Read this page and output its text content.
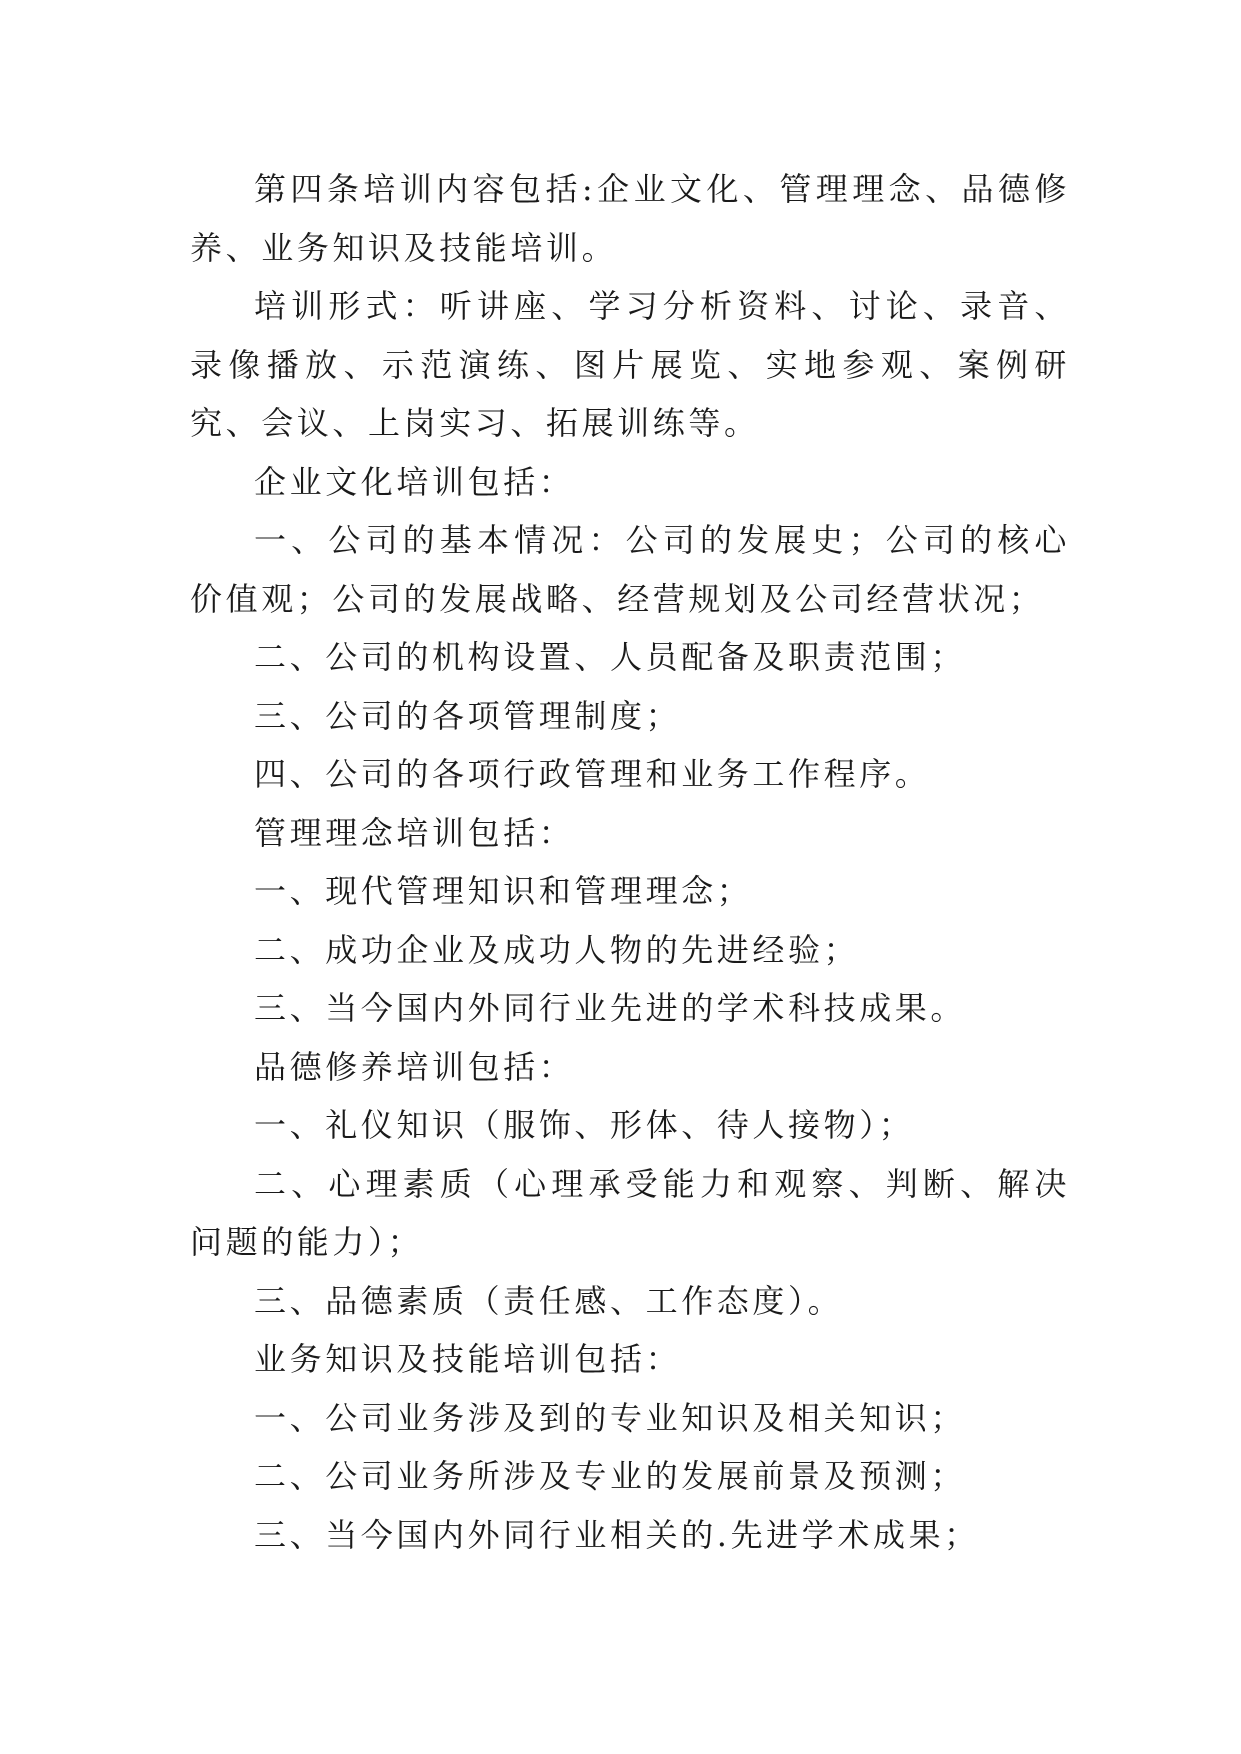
第四条培训内容包括:企业文化、管理理念、品德修养、业务知识及技能培训。

培训形式：听讲座、学习分析资料、讨论、录音、录像播放、示范演练、图片展览、实地参观、案例研究、会议、上岗实习、拓展训练等。

企业文化培训包括：

一、公司的基本情况：公司的发展史；公司的核心价值观；公司的发展战略、经营规划及公司经营状况；

二、公司的机构设置、人员配备及职责范围；

三、公司的各项管理制度；

四、公司的各项行政管理和业务工作程序。

管理理念培训包括：

一、现代管理知识和管理理念；

二、成功企业及成功人物的先进经验；

三、当今国内外同行业先进的学术科技成果。

品德修养培训包括：

一、礼仪知识（服饰、形体、待人接物）；

二、心理素质（心理承受能力和观察、判断、解决问题的能力）；

三、品德素质（责任感、工作态度）。

业务知识及技能培训包括：

一、公司业务涉及到的专业知识及相关知识；

二、公司业务所涉及专业的发展前景及预测；

三、当今国内外同行业相关的.先进学术成果；
